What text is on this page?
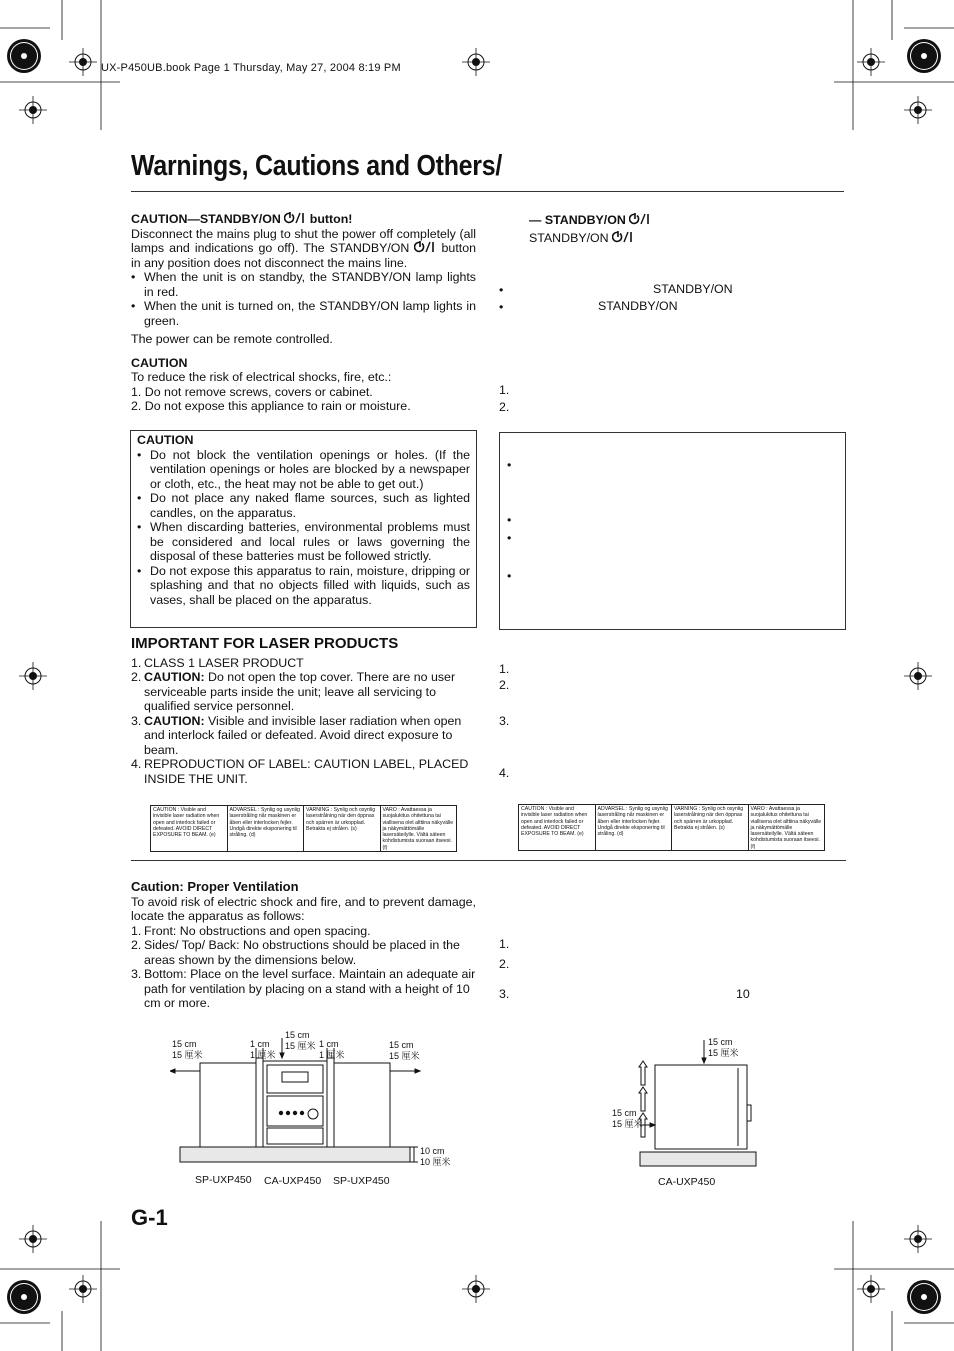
UX-P450UB.book Page 1 Thursday, May 27, 2004 8:19 PM
Warnings, Cautions and Others/

CAUTION—STANDBY/ON button!

Disconnect the mains plug to shut the power off completely (all lamps and indications go off). The STANDBY/ON	button in any position does not disconnect the mains line.

• When the unit is on standby, the STANDBY/ON lamp lights in red.
• When the unit is turned on, the STANDBY/ON lamp lights in green.

The power can be remote controlled.

CAUTION

To reduce the risk of electrical shocks, fire, etc.:

1. Do not remove screws, covers or cabinet.

2. Do not expose this appliance to rain or moisture.

CAUTION

• Do not block the ventilation openings or holes. (If the ventilation openings or holes are blocked by a newspaper or cloth, etc., the heat may not be able to get out.)
• Do not place any naked flame sources, such as lighted candles, on the apparatus.
• When discarding batteries, environmental problems must be considered and local rules or laws governing the disposal of these batteries must be followed strictly.
• Do not expose this apparatus to rain, moisture, dripping or splashing and that no objects filled with liquids, such as vases, shall be placed on the apparatus.

IMPORTANT FOR LASER PRODUCTS

1. CLASS 1 LASER PRODUCT
2. CAUTION: Do not open the top cover. There are no user serviceable parts inside the unit; leave all servicing to qualified service personnel.
3. CAUTION: Visible and invisible laser radiation when open and interlock failed or defeated. Avoid direct exposure to beam.
4. REPRODUCTION OF LABEL: CAUTION LABEL, PLACED INSIDE THE UNIT.
CAUTION : Visible and invisible laser radiation when open and interlock failed or defeated. AVOID DIRECT EXPOSURE TO BEAM. (e)
ADVARSEL : Synlig og usynlig laserstråling når maskinen er åben eller interlocken fejler. Undgå direkte eksponering til stråling. (d)
VARNING : Synlig och osynlig laserstrålning när den öppnas och spärren är urkopplad. Betrakta ej strålen. (s)
VARO : Avattaessa ja suojalukitus ohitettuna tai viallisena olet alttiina näkyvälle ja näkymättömälle lasersäteilylle. Vältä säteen kohdistumista suoraan itseesi. (f)
CAUTION : Visible and invisible laser radiation when open and interlock failed or defeated. AVOID DIRECT EXPOSURE TO BEAM. (e)
ADVARSEL : Synlig og usynlig laserstråling når maskinen er åben eller interlocken fejler. Undgå direkte eksponering til stråling. (d)
VARNING : Synlig och osynlig laserstrålning när den öppnas och spärren är urkopplad. Betrakta ej strålen. (s)
VARO : Avattaessa ja suojalukitus ohitettuna tai viallisena olet alttiina näkyvälle ja näkymättömälle lasersäteilylle. Vältä säteen kohdistumista suoraan itseesi. (f)

Caution: Proper Ventilation

To avoid risk of electric shock and fire, and to prevent damage, locate the apparatus as follows:

1. Front: No obstructions and open spacing.
2. Sides/ Top/ Back: No obstructions should be placed in the areas shown by the dimensions below.
3. Bottom: Place on the level surface. Maintain an adequate air path for ventilation by placing on a stand with a height of 10 cm or more.
— STANDBY/ON
STANDBY/ON
•	STANDBY/ON
•	STANDBY/ON
1.
2.
•
•
•
•
1.
2.
3.
4.
1.
2.
3.	10
15 cm
15 厘米
1 cm
1 厘米
15 cm
15 厘米 1 cm
1 厘米
15 cm
15 厘米
10 cm
10 厘米
SP-UXP450 CA-UXP450 SP-UXP450
15 cm
15 厘米
15 cm
15 厘米
CA-UXP450
G-1
